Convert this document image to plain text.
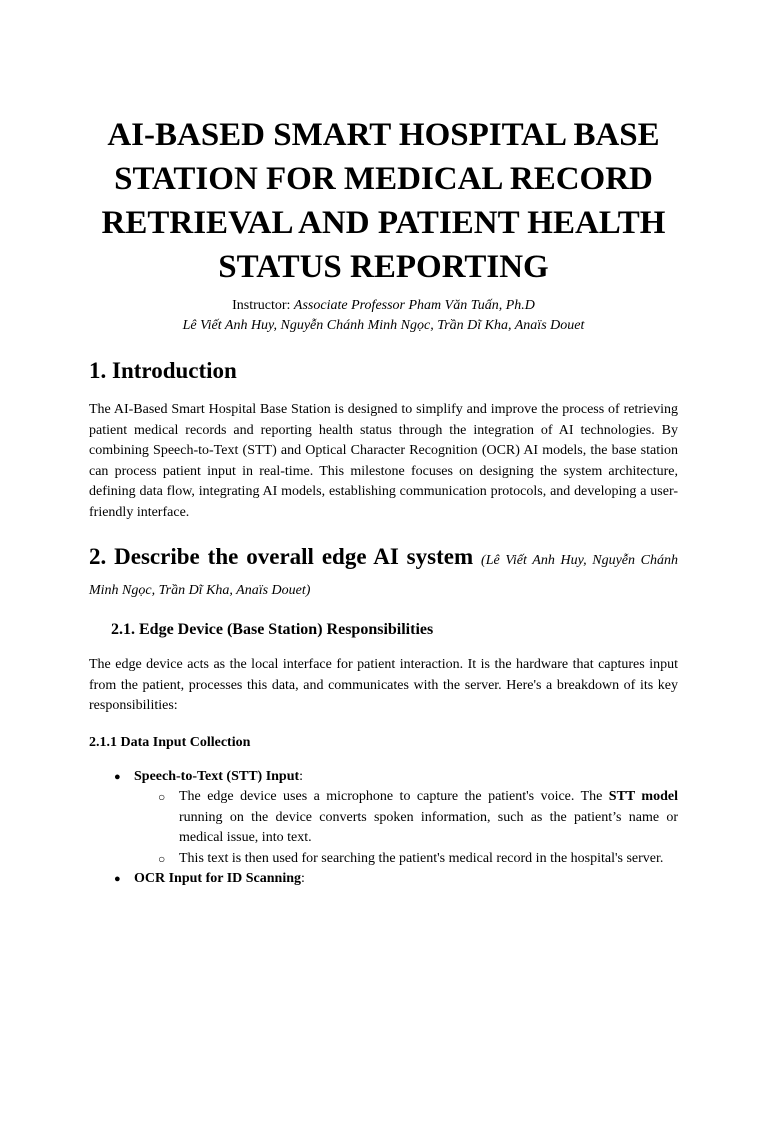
AI-BASED SMART HOSPITAL BASE STATION FOR MEDICAL RECORD RETRIEVAL AND PATIENT HEALTH STATUS REPORTING
Instructor: Associate Professor Pham Văn Tuấn, Ph.D
Lê Viết Anh Huy, Nguyễn Chánh Minh Ngọc, Trần Dĩ Kha, Anaïs Douet
1. Introduction

The AI-Based Smart Hospital Base Station is designed to simplify and improve the process of retrieving patient medical records and reporting health status through the integration of AI technologies. By combining Speech-to-Text (STT) and Optical Character Recognition (OCR) AI models, the base station can process patient input in real-time. This milestone focuses on designing the system architecture, defining data flow, integrating AI models, establishing communication protocols, and developing a user-friendly interface.

2. Describe the overall edge AI system (Lê Viết Anh Huy, Nguyễn Chánh Minh Ngọc, Trần Dĩ Kha, Anaïs Douet)
2.1. Edge Device (Base Station) Responsibilities

The edge device acts as the local interface for patient interaction. It is the hardware that captures input from the patient, processes this data, and communicates with the server. Here's a breakdown of its key responsibilities:

2.1.1 Data Input Collection
● Speech-to-Text (STT) Input:
○ The edge device uses a microphone to capture the patient's voice. The STT model running on the device converts spoken information, such as the patient’s name or medical issue, into text.
○ This text is then used for searching the patient's medical record in the hospital's server.
● OCR Input for ID Scanning:
